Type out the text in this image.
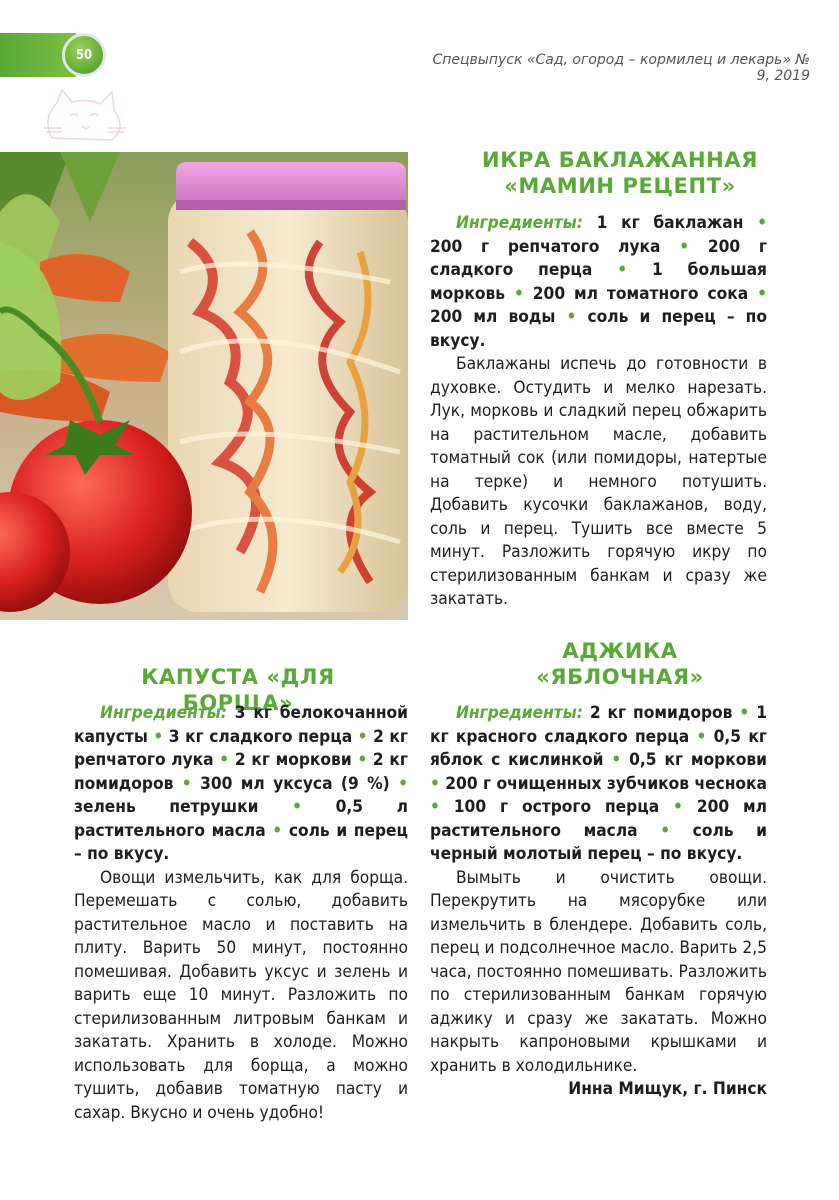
50	Спецвыпуск «Сад, огород – кормилец и лекарь» № 9, 2019
ИКРА БАКЛАЖАННАЯ
«МАМИН РЕЦЕПТ»

Ингредиенты: 1 кг баклажан • 200 г репчатого лука • 200 г сладкого перца • 1 большая морковь • 200 мл томатного сока • 200 мл воды • соль и перец – по вкусу.

Баклажаны испечь до готовности в духовке. Остудить и мелко нарезать. Лук, морковь и сладкий перец обжарить на растительном масле, добавить томатный сок (или помидоры, натертые на терке) и немного потушить. Добавить кусочки баклажанов, воду, соль и перец. Тушить все вместе 5 минут. Разложить горячую икру по стерилизованным банкам и сразу же закатать.

КАПУСТА «ДЛЯ БОРЩА»

Ингредиенты: 3 кг белокочанной капусты • 3 кг сладкого перца • 2 кг репчатого лука • 2 кг моркови • 2 кг помидоров • 300 мл уксуса (9 %) • зелень петрушки • 0,5 л растительного масла • соль и перец – по вкусу.

Овощи измельчить, как для борща. Перемешать с солью, добавить растительное масло и поставить на плиту. Варить 50 минут, постоянно помешивая. Добавить уксус и зелень и варить еще 10 минут. Разложить по стерилизованным литровым банкам и закатать. Хранить в холоде. Можно использовать для борща, а можно тушить, добавив томатную пасту и сахар. Вкусно и очень удобно!

АДЖИКА
«ЯБЛОЧНАЯ»

Ингредиенты: 2 кг помидоров • 1 кг красного сладкого перца • 0,5 кг яблок с кислинкой • 0,5 кг моркови • 200 г очищенных зубчиков чеснока • 100 г острого перца • 200 мл растительного масла • соль и черный молотый перец – по вкусу.

Вымыть и очистить овощи. Перекрутить на мясорубке или измельчить в блендере. Добавить соль, перец и подсолнечное масло. Варить 2,5 часа, постоянно помешивать. Разложить по стерилизованным банкам горячую аджику и сразу же закатать. Можно накрыть капроновыми крышками и хранить в холодильнике.

Инна Мищук, г. Пинск
